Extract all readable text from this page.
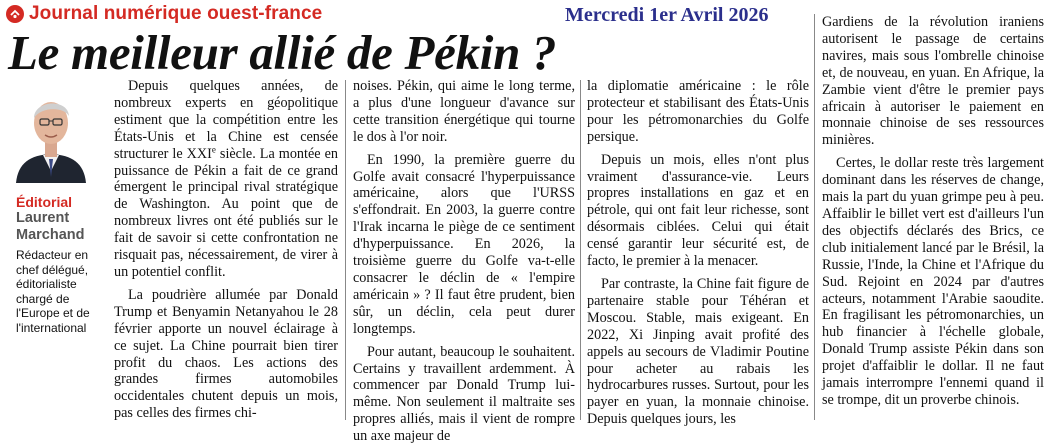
Journal numérique ouest-france	Mercredi 1er Avril 2026
Le meilleur allié de Pékin ?
Éditorial
Laurent
Marchand
Rédacteur en
chef délégué,
éditorialiste
chargé de
l'Europe et de
l'international

Depuis quelques années, de nombreux experts en géopolitique estiment que la compétition entre les États-Unis et la Chine est censée structurer le XXIe siècle. La montée en puissance de Pékin a fait de ce grand émergent le principal rival stratégique de Washington. Au point que de nombreux livres ont été publiés sur le fait de savoir si cette confrontation ne risquait pas, nécessairement, de virer à un potentiel conflit.

La poudrière allumée par Donald Trump et Benyamin Netanyahou le 28 février apporte un nouvel éclairage à ce sujet. La Chine pourrait bien tirer profit du chaos. Les actions des grandes firmes automobiles occidentales chutent depuis un mois, pas celles des firmes chi-

noises. Pékin, qui aime le long terme, a plus d'une longueur d'avance sur cette transition énergétique qui tourne le dos à l'or noir.

En 1990, la première guerre du Golfe avait consacré l'hyperpuissance américaine, alors que l'URSS s'effondrait. En 2003, la guerre contre l'Irak incarna le piège de ce sentiment d'hyperpuissance. En 2026, la troisième guerre du Golfe va-t-elle consacrer le déclin de « l'empire américain » ? Il faut être prudent, bien sûr, un déclin, cela peut durer longtemps.

Pour autant, beaucoup le souhaitent. Certains y travaillent ardemment. À commencer par Donald Trump lui-même. Non seulement il maltraite ses propres alliés, mais il vient de rompre un axe majeur de

la diplomatie américaine : le rôle protecteur et stabilisant des États-Unis pour les pétromonarchies du Golfe persique.

Depuis un mois, elles n'ont plus vraiment d'assurance-vie. Leurs propres installations en gaz et en pétrole, qui ont fait leur richesse, sont désormais ciblées. Celui qui était censé garantir leur sécurité est, de facto, le premier à la menacer.

Par contraste, la Chine fait figure de partenaire stable pour Téhéran et Moscou. Stable, mais exigeant. En 2022, Xi Jinping avait profité des appels au secours de Vladimir Poutine pour acheter au rabais les hydrocarbures russes. Surtout, pour les payer en yuan, la monnaie chinoise. Depuis quelques jours, les

Gardiens de la révolution iraniens autorisent le passage de certains navires, mais sous l'ombrelle chinoise et, de nouveau, en yuan. En Afrique, la Zambie vient d'être le premier pays africain à autoriser le paiement en monnaie chinoise de ses ressources minières.

Certes, le dollar reste très largement dominant dans les réserves de change, mais la part du yuan grimpe peu à peu. Affaiblir le billet vert est d'ailleurs l'un des objectifs déclarés des Brics, ce club initialement lancé par le Brésil, la Russie, l'Inde, la Chine et l'Afrique du Sud. Rejoint en 2024 par d'autres acteurs, notamment l'Arabie saoudite. En fragilisant les pétromonarchies, un hub financier à l'échelle globale, Donald Trump assiste Pékin dans son projet d'affaiblir le dollar. Il ne faut jamais interrompre l'ennemi quand il se trompe, dit un proverbe chinois.
